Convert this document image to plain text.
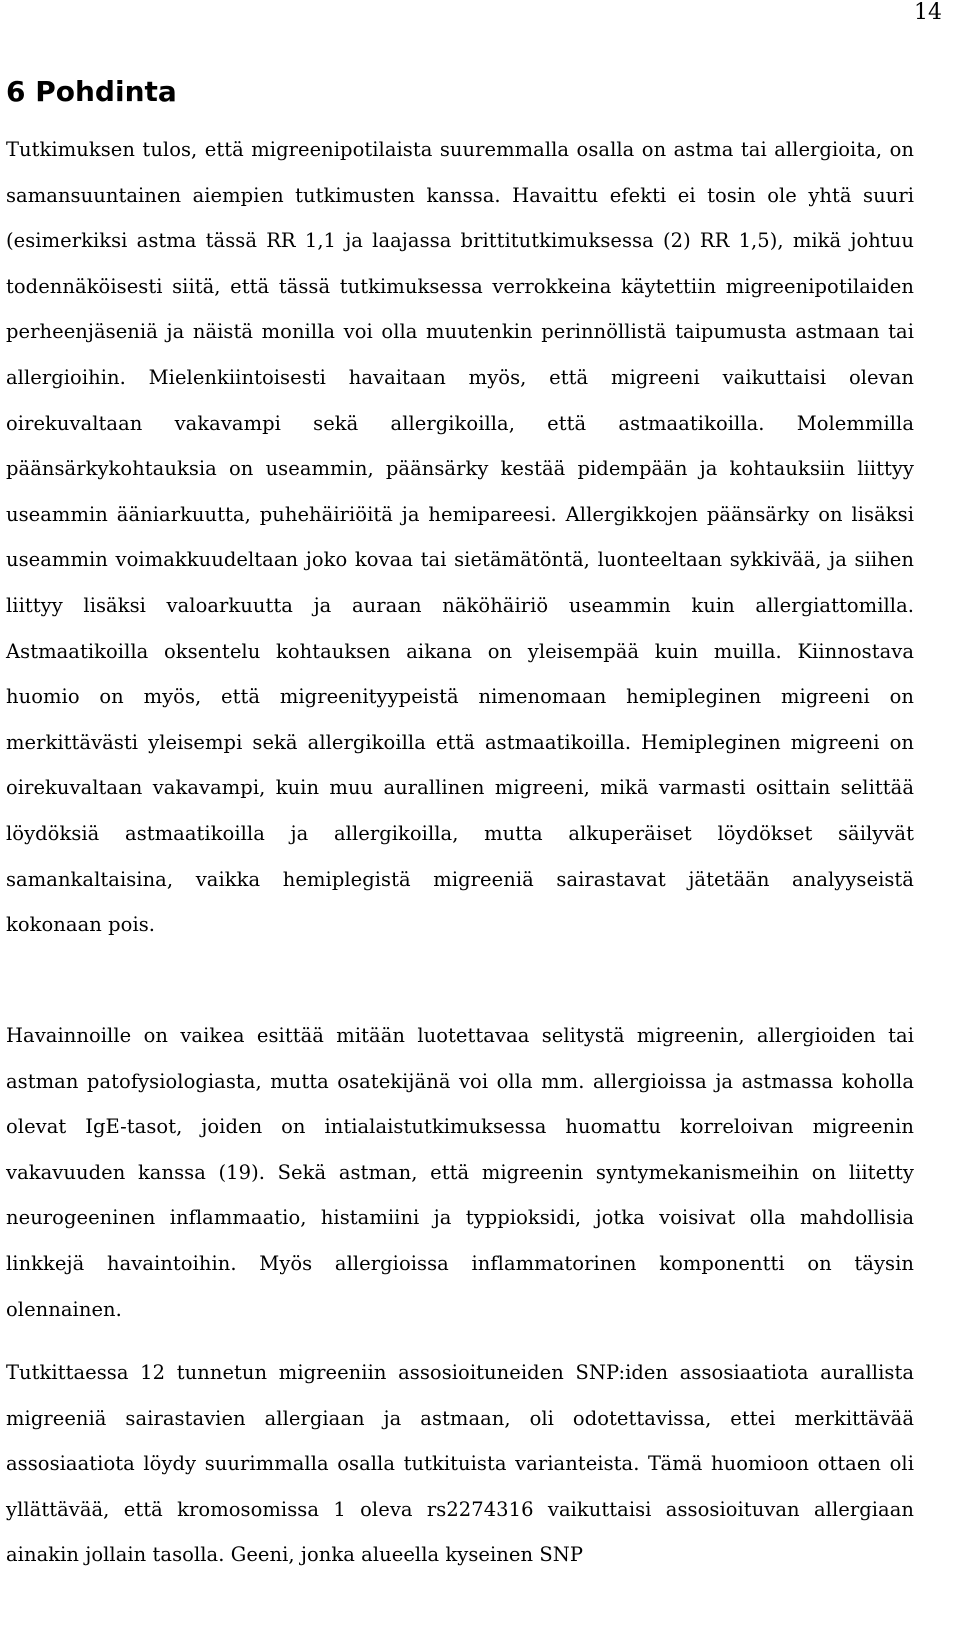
14
6 Pohdinta

Tutkimuksen tulos, että migreenipotilaista suuremmalla osalla on astma tai allergioita, on samansuuntainen aiempien tutkimusten kanssa. Havaittu efekti ei tosin ole yhtä suuri (esimerkiksi astma tässä RR 1,1 ja laajassa brittitutkimuksessa (2) RR 1,5), mikä johtuu todennäköisesti siitä, että tässä tutkimuksessa verrokkeina käytettiin migreenipotilaiden perheenjäseniä ja näistä monilla voi olla muutenkin perinnöllistä taipumusta astmaan tai allergioihin. Mielenkiintoisesti havaitaan myös, että migreeni vaikuttaisi olevan oirekuvaltaan vakavampi sekä allergikoilla, että astmaatikoilla. Molemmilla päänsärkykohtauksia on useammin, päänsärky kestää pidempään ja kohtauksiin liittyy useammin ääniarkuutta, puhehäiriöitä ja hemipareesi. Allergikkojen päänsärky on lisäksi useammin voimakkuudeltaan joko kovaa tai sietämätöntä, luonteeltaan sykkivää, ja siihen liittyy lisäksi valoarkuutta ja auraan näköhäiriö useammin kuin allergiattomilla. Astmaatikoilla oksentelu kohtauksen aikana on yleisempää kuin muilla. Kiinnostava huomio on myös, että migreenityypeistä nimenomaan hemipleginen migreeni on merkittävästi yleisempi sekä allergikoilla että astmaatikoilla. Hemipleginen migreeni on oirekuvaltaan vakavampi, kuin muu aurallinen migreeni, mikä varmasti osittain selittää löydöksiä astmaatikoilla ja allergikoilla, mutta alkuperäiset löydökset säilyvät samankaltaisina, vaikka hemiplegistä migreeniä sairastavat jätetään analyyseistä kokonaan pois.

Havainnoille on vaikea esittää mitään luotettavaa selitystä migreenin, allergioiden tai astman patofysiologiasta, mutta osatekijänä voi olla mm. allergioissa ja astmassa koholla olevat IgE-tasot, joiden on intialaistutkimuksessa huomattu korreloivan migreenin vakavuuden kanssa (19). Sekä astman, että migreenin syntymekanismeihin on liitetty neurogeeninen inflammaatio, histamiini ja typpioksidi, jotka voisivat olla mahdollisia linkkejä havaintoihin. Myös allergioissa inflammatorinen komponentti on täysin olennainen.

Tutkittaessa 12 tunnetun migreeniin assosioituneiden SNP:iden assosiaatiota aurallista migreeniä sairastavien allergiaan ja astmaan, oli odotettavissa, ettei merkittävää assosiaatiota löydy suurimmalla osalla tutkituista varianteista. Tämä huomioon ottaen oli yllättävää, että kromosomissa 1 oleva rs2274316 vaikuttaisi assosioituvan allergiaan ainakin jollain tasolla. Geeni, jonka alueella kyseinen SNP
